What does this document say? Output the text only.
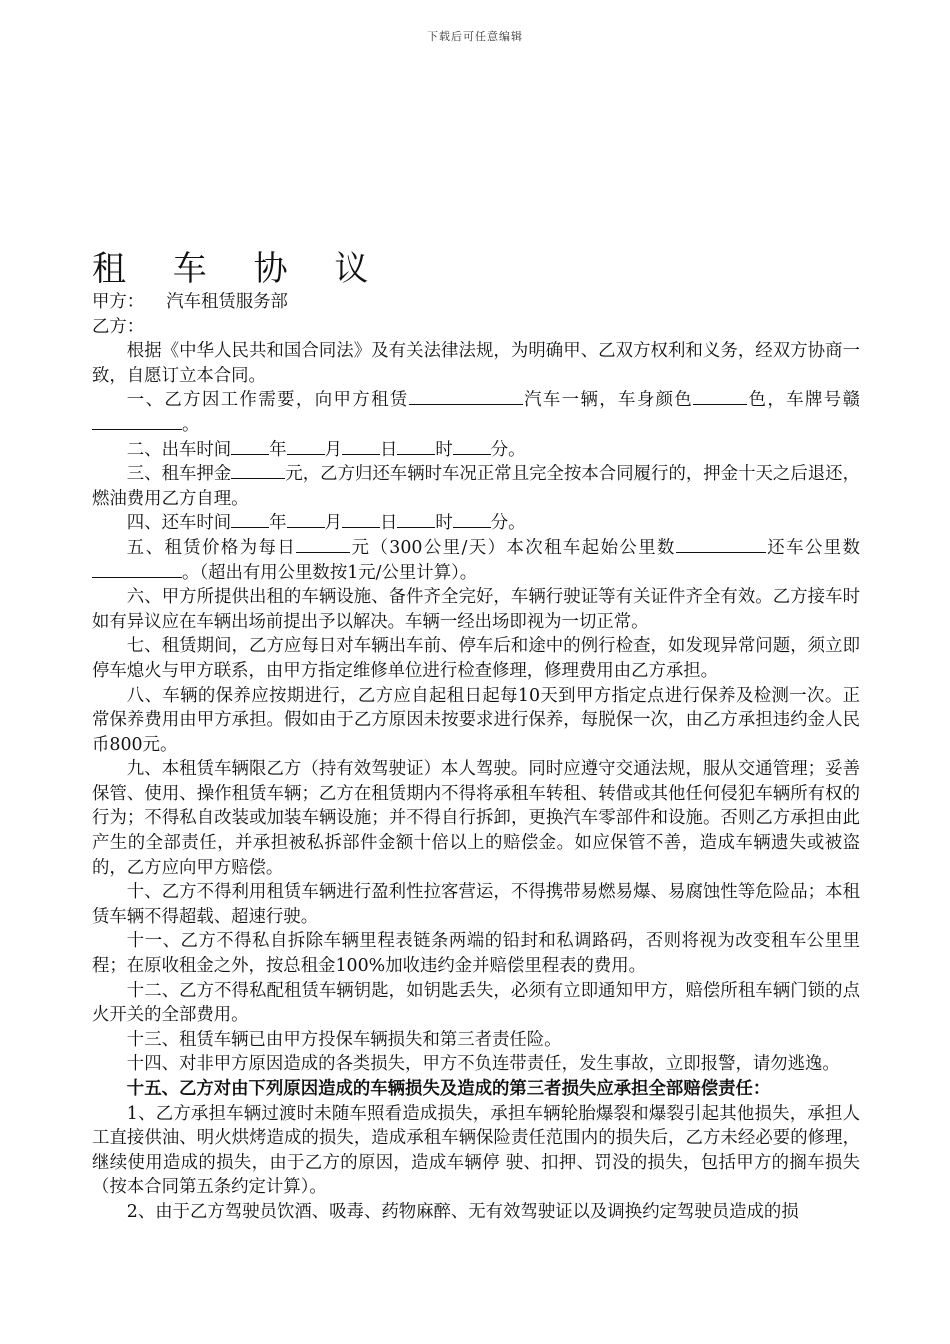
下载后可任意编辑
租 车 协 议

甲方： 汽车租赁服务部

乙方：

根据《中华人民共和国合同法》及有关法律法规，为明确甲、乙双方权利和义务，经双方协商一致，自愿订立本合同。

一、乙方因工作需要，向甲方租赁	汽车一辆，车身颜色	色，车牌号赣。

二、出车时间 年 月 日 时 分。

三、租车押金	元，乙方归还车辆时车况正常且完全按本合同履行的，押金十天之后退还，燃油费用乙方自理。

四、还车时间 年 月 日 时 分。

五、租赁价格为每日	元（300公里/天）本次租车起始公里数	还车公里数。（超出有用公里数按1元/公里计算）。

六、甲方所提供出租的车辆设施、备件齐全完好，车辆行驶证等有关证件齐全有效。乙方接车时如有异议应在车辆出场前提出予以解决。车辆一经出场即视为一切正常。

七、租赁期间，乙方应每日对车辆出车前、停车后和途中的例行检查，如发现异常问题，须立即停车熄火与甲方联系，由甲方指定维修单位进行检查修理，修理费用由乙方承担。

八、车辆的保养应按期进行，乙方应自起租日起每10天到甲方指定点进行保养及检测一次。正常保养费用由甲方承担。假如由于乙方原因未按要求进行保养，每脱保一次，由乙方承担违约金人民币800元。

九、本租赁车辆限乙方（持有效驾驶证）本人驾驶。同时应遵守交通法规，服从交通管理；妥善保管、使用、操作租赁车辆；乙方在租赁期内不得将承租车转租、转借或其他任何侵犯车辆所有权的行为；不得私自改装或加装车辆设施；并不得自行拆卸，更换汽车零部件和设施。否则乙方承担由此产生的全部责任，并承担被私拆部件金额十倍以上的赔偿金。如应保管不善，造成车辆遗失或被盗的，乙方应向甲方赔偿。

十、乙方不得利用租赁车辆进行盈利性拉客营运，不得携带易燃易爆、易腐蚀性等危险品；本租赁车辆不得超载、超速行驶。

十一、乙方不得私自拆除车辆里程表链条两端的铅封和私调路码，否则将视为改变租车公里里程；在原收租金之外，按总租金100%加收违约金并赔偿里程表的费用。

十二、乙方不得私配租赁车辆钥匙，如钥匙丢失，必须有立即通知甲方，赔偿所租车辆门锁的点火开关的全部费用。

十三、租赁车辆已由甲方投保车辆损失和第三者责任险。

十四、对非甲方原因造成的各类损失，甲方不负连带责任，发生事故，立即报警，请勿逃逸。

十五、乙方对由下列原因造成的车辆损失及造成的第三者损失应承担全部赔偿责任：

1、乙方承担车辆过渡时未随车照看造成损失，承担车辆轮胎爆裂和爆裂引起其他损失，承担人工直接供油、明火烘烤造成的损失，造成承租车辆保险责任范围内的损失后，乙方未经必要的修理，继续使用造成的损失，由于乙方的原因，造成车辆停 驶、扣押、罚没的损失，包括甲方的搁车损失（按本合同第五条约定计算）。

2、由于乙方驾驶员饮酒、吸毒、药物麻醉、无有效驾驶证以及调换约定驾驶员造成的损
